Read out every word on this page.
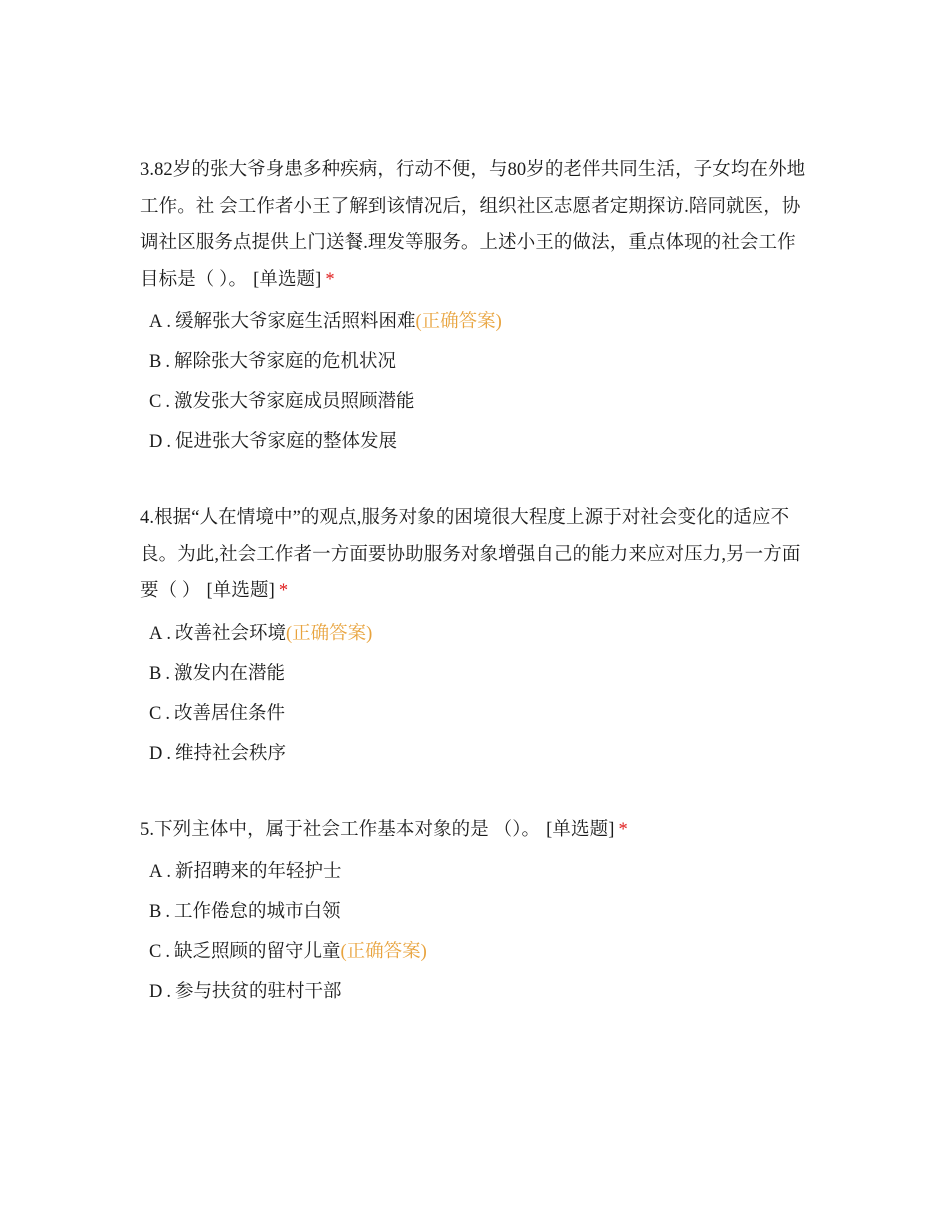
3.82岁的张大爷身患多种疾病，行动不便，与80岁的老伴共同生活，子女均在外地工作。社 会工作者小王了解到该情况后，组织社区志愿者定期探访.陪同就医，协调社区服务点提供上门送餐.理发等服务。上述小王的做法，重点体现的社会工作目标是（ ）。 [单选题] *

A . 缓解张大爷家庭生活照料困难(正确答案)
B . 解除张大爷家庭的危机状况
C . 激发张大爷家庭成员照顾潜能
D . 促进张大爷家庭的整体发展

4.根据“人在情境中”的观点,服务对象的困境很大程度上源于对社会变化的适应不良。为此,社会工作者一方面要协助服务对象增强自己的能力来应对压力,另一方面要（ ） [单选题] *

A . 改善社会环境(正确答案)
B . 激发内在潜能
C . 改善居住条件
D . 维持社会秩序

5.下列主体中，属于社会工作基本对象的是 （）。 [单选题] *

A . 新招聘来的年轻护士
B . 工作倦怠的城市白领
C . 缺乏照顾的留守儿童(正确答案)
D . 参与扶贫的驻村干部
